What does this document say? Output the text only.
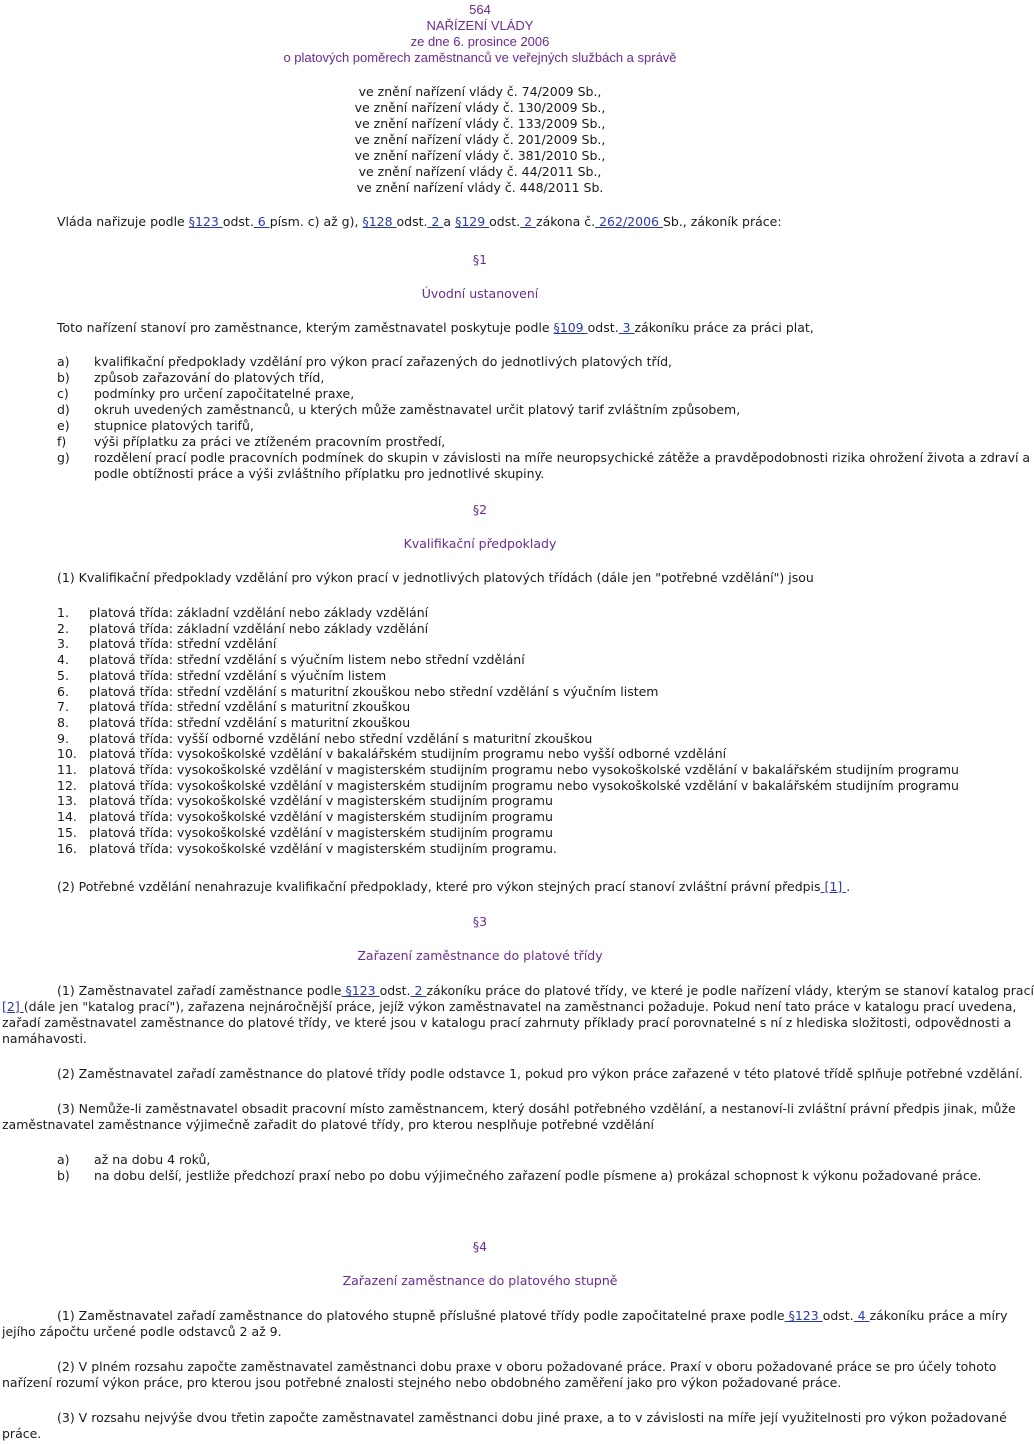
564
NAŘÍZENÍ VLÁDY
ze dne 6. prosince 2006
o platových poměrech zaměstnanců ve veřejných službách a správě
ve znění nařízení vlády č. 74/2009 Sb.,
ve znění nařízení vlády č. 130/2009 Sb.,
ve znění nařízení vlády č. 133/2009 Sb.,
ve znění nařízení vlády č. 201/2009 Sb.,
ve znění nařízení vlády č. 381/2010 Sb.,
ve znění nařízení vlády č. 44/2011 Sb.,
ve znění nařízení vlády č. 448/2011 Sb.
Vláda nařizuje podle §123 odst. 6 písm. c) až g), §128 odst. 2 a §129 odst. 2 zákona č. 262/2006 Sb., zákoník práce:
§1
Úvodní ustanovení
Toto nařízení stanoví pro zaměstnance, kterým zaměstnavatel poskytuje podle §109 odst. 3 zákoníku práce za práci plat,
a) kvalifikační předpoklady vzdělání pro výkon prací zařazených do jednotlivých platových tříd,
b) způsob zařazování do platových tříd,
c) podmínky pro určení započitatelné praxe,
d) okruh uvedených zaměstnanců, u kterých může zaměstnavatel určit platový tarif zvláštním způsobem,
e) stupnice platových tarifů,
f) výši příplatku za práci ve ztíženém pracovním prostředí,
g) rozdělení prací podle pracovních podmínek do skupin v závislosti na míře neuropsychické zátěže a pravděpodobnosti rizika ohrožení života a zdraví a
podle obtížnosti práce a výši zvláštního příplatku pro jednotlivé skupiny.
§2
Kvalifikační předpoklady
(1) Kvalifikační předpoklady vzdělání pro výkon prací v jednotlivých platových třídách (dále jen "potřebné vzdělání") jsou
1. platová třída: základní vzdělání nebo základy vzdělání
2. platová třída: základní vzdělání nebo základy vzdělání
3. platová třída: střední vzdělání
4. platová třída: střední vzdělání s výučním listem nebo střední vzdělání
5. platová třída: střední vzdělání s výučním listem
6. platová třída: střední vzdělání s maturitní zkouškou nebo střední vzdělání s výučním listem
7. platová třída: střední vzdělání s maturitní zkouškou
8. platová třída: střední vzdělání s maturitní zkouškou
9. platová třída: vyšší odborné vzdělání nebo střední vzdělání s maturitní zkouškou
10. platová třída: vysokoškolské vzdělání v bakalářském studijním programu nebo vyšší odborné vzdělání
11. platová třída: vysokoškolské vzdělání v magisterském studijním programu nebo vysokoškolské vzdělání v bakalářském studijním programu
12. platová třída: vysokoškolské vzdělání v magisterském studijním programu nebo vysokoškolské vzdělání v bakalářském studijním programu
13. platová třída: vysokoškolské vzdělání v magisterském studijním programu
14. platová třída: vysokoškolské vzdělání v magisterském studijním programu
15. platová třída: vysokoškolské vzdělání v magisterském studijním programu
16. platová třída: vysokoškolské vzdělání v magisterském studijním programu.
(2) Potřebné vzdělání nenahrazuje kvalifikační předpoklady, které pro výkon stejných prací stanoví zvláštní právní předpis [1] .
§3
Zařazení zaměstnance do platové třídy
(1) Zaměstnavatel zařadí zaměstnance podle §123 odst. 2 zákoníku práce do platové třídy, ve které je podle nařízení vlády, kterým se stanoví katalog prací
[2] (dále jen "katalog prací"), zařazena nejnáročnější práce, jejíž výkon zaměstnavatel na zaměstnanci požaduje. Pokud není tato práce v katalogu prací uvedena,
zařadí zaměstnavatel zaměstnance do platové třídy, ve které jsou v katalogu prací zahrnuty příklady prací porovnatelné s ní z hlediska složitosti, odpovědnosti a
namáhavosti.
(2) Zaměstnavatel zařadí zaměstnance do platové třídy podle odstavce 1, pokud pro výkon práce zařazené v této platové třídě splňuje potřebné vzdělání.
(3) Nemůže-li zaměstnavatel obsadit pracovní místo zaměstnancem, který dosáhl potřebného vzdělání, a nestanoví-li zvláštní právní předpis jinak, může
zaměstnavatel zaměstnance výjimečně zařadit do platové třídy, pro kterou nesplňuje potřebné vzdělání
a) až na dobu 4 roků,
b) na dobu delší, jestliže předchozí praxí nebo po dobu výjimečného zařazení podle písmene a) prokázal schopnost k výkonu požadované práce.
§4
Zařazení zaměstnance do platového stupně
(1) Zaměstnavatel zařadí zaměstnance do platového stupně příslušné platové třídy podle započitatelné praxe podle §123 odst. 4 zákoníku práce a míry
jejího zápočtu určené podle odstavců 2 až 9.
(2) V plném rozsahu započte zaměstnavatel zaměstnanci dobu praxe v oboru požadované práce. Praxí v oboru požadované práce se pro účely tohoto
nařízení rozumí výkon práce, pro kterou jsou potřebné znalosti stejného nebo obdobného zaměření jako pro výkon požadované práce.
(3) V rozsahu nejvýše dvou třetin započte zaměstnavatel zaměstnanci dobu jiné praxe, a to v závislosti na míře její využitelnosti pro výkon požadované
práce.
